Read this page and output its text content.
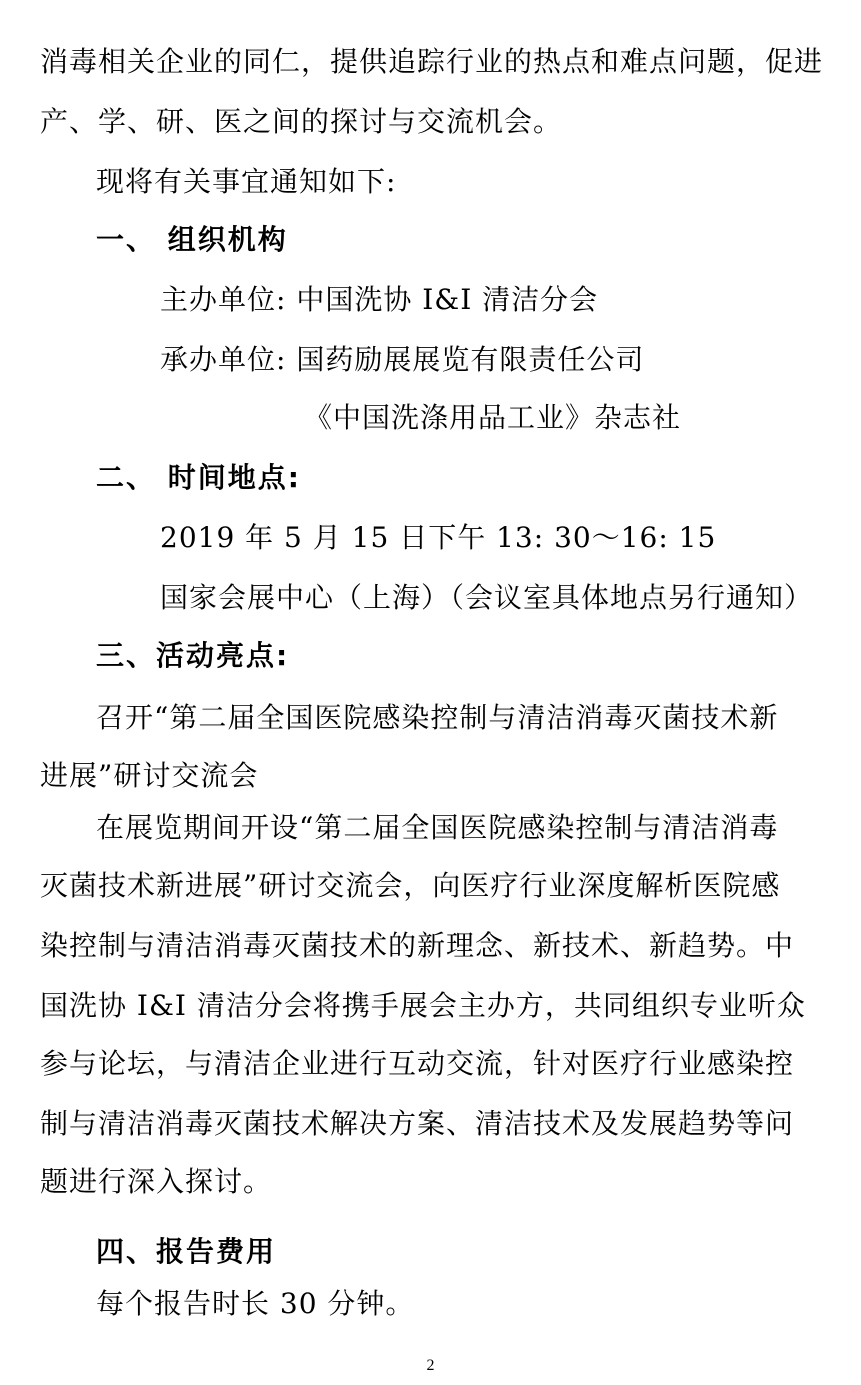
消毒相关企业的同仁，提供追踪行业的热点和难点问题，促进
产、学、研、医之间的探讨与交流机会。
现将有关事宜通知如下:
一、 组织机构
主办单位: 中国洗协 I&I 清洁分会
承办单位: 国药励展展览有限责任公司
《中国洗涤用品工业》杂志社
二、 时间地点:
2019 年 5 月 15 日下午 13: 30～16: 15
国家会展中心（上海）（会议室具体地点另行通知）
三、活动亮点:
召开“第二届全国医院感染控制与清洁消毒灭菌技术新
进展”研讨交流会
在展览期间开设“第二届全国医院感染控制与清洁消毒
灭菌技术新进展”研讨交流会，向医疗行业深度解析医院感
染控制与清洁消毒灭菌技术的新理念、新技术、新趋势。中
国洗协 I&I 清洁分会将携手展会主办方，共同组织专业听众
参与论坛，与清洁企业进行互动交流，针对医疗行业感染控
制与清洁消毒灭菌技术解决方案、清洁技术及发展趋势等问
题进行深入探讨。
四、报告费用
每个报告时长 30 分钟。
2
